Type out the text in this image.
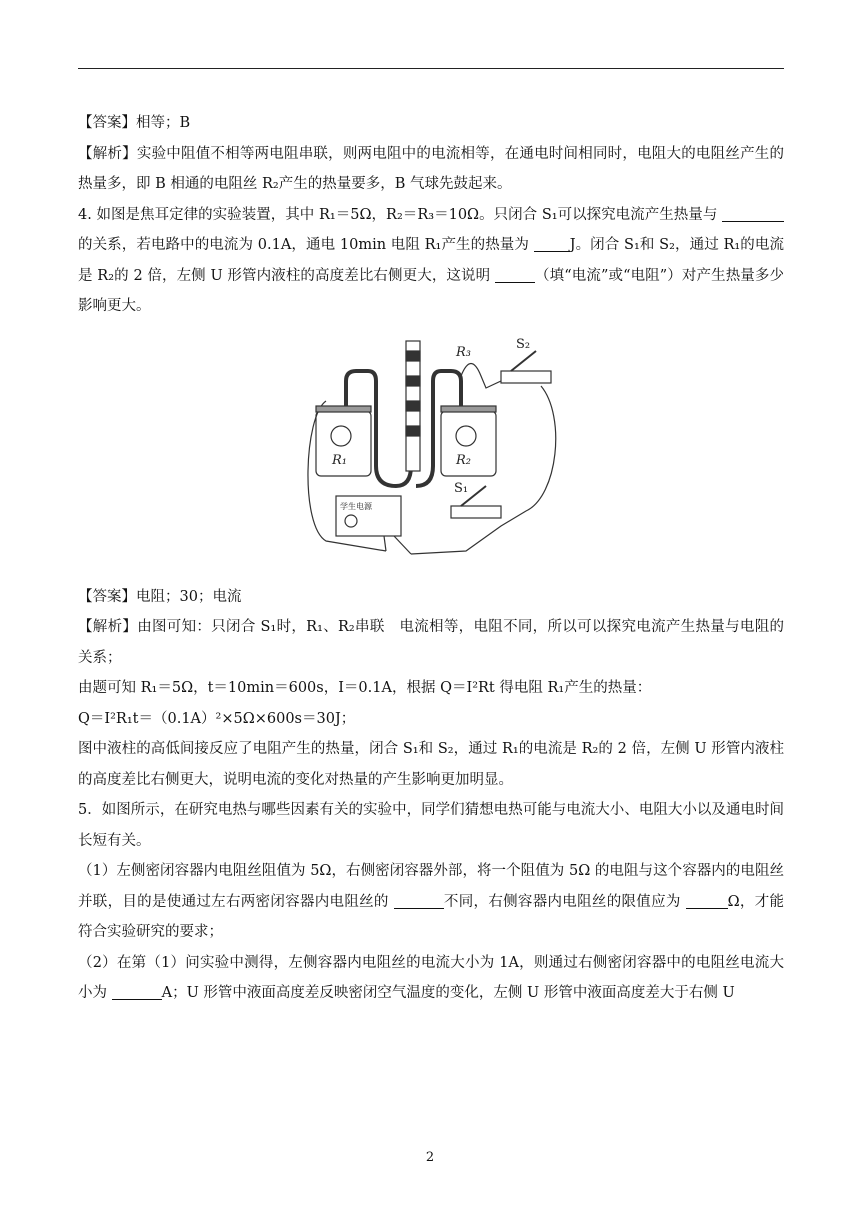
【答案】相等；B

【解析】实验中阻值不相等两电阻串联，则两电阻中的电流相等，在通电时间相同时，电阻大的电阻丝产生的热量多，即 B 相通的电阻丝 R₂产生的热量要多，B 气球先鼓起来。

4. 如图是焦耳定律的实验装置，其中 R₁＝5Ω，R₂＝R₃＝10Ω。只闭合 S₁可以探究电流产生热量与 的关系，若电路中的电流为 0.1A，通电 10min 电阻 R₁产生的热量为 J。闭合 S₁和 S₂，通过 R₁的电流是 R₂的 2 倍，左侧 U 形管内液柱的高度差比右侧更大，这说明	（填“电流”或“电阻”）对产生热量多少影响更大。

R₁	R₂
R₃
S₂
S₁
学生电源

【答案】电阻；30；电流

【解析】由图可知：只闭合 S₁时，R₁、R₂串联　电流相等，电阻不同，所以可以探究电流产生热量与电阻的关系；

由题可知 R₁＝5Ω，t＝10min＝600s，I＝0.1A，根据 Q＝I²Rt 得电阻 R₁产生的热量：

Q＝I²R₁t＝（0.1A）²×5Ω×600s＝30J；

图中液柱的高低间接反应了电阻产生的热量，闭合 S₁和 S₂，通过 R₁的电流是 R₂的 2 倍，左侧 U 形管内液柱的高度差比右侧更大，说明电流的变化对热量的产生影响更加明显。

5．如图所示，在研究电热与哪些因素有关的实验中，同学们猜想电热可能与电流大小、电阻大小以及通电时间长短有关。

（1）左侧密闭容器内电阻丝阻值为 5Ω，右侧密闭容器外部，将一个阻值为 5Ω 的电阻与这个容器内的电阻丝并联，目的是使通过左右两密闭容器内电阻丝的	不同，右侧容器内电阻丝的限值应为	Ω，才能符合实验研究的要求；

（2）在第（1）问实验中测得，左侧容器内电阻丝的电流大小为 1A，则通过右侧密闭容器中的电阻丝电流大小为	A；U 形管中液面高度差反映密闭空气温度的变化，左侧 U 形管中液面高度差大于右侧 U

2
